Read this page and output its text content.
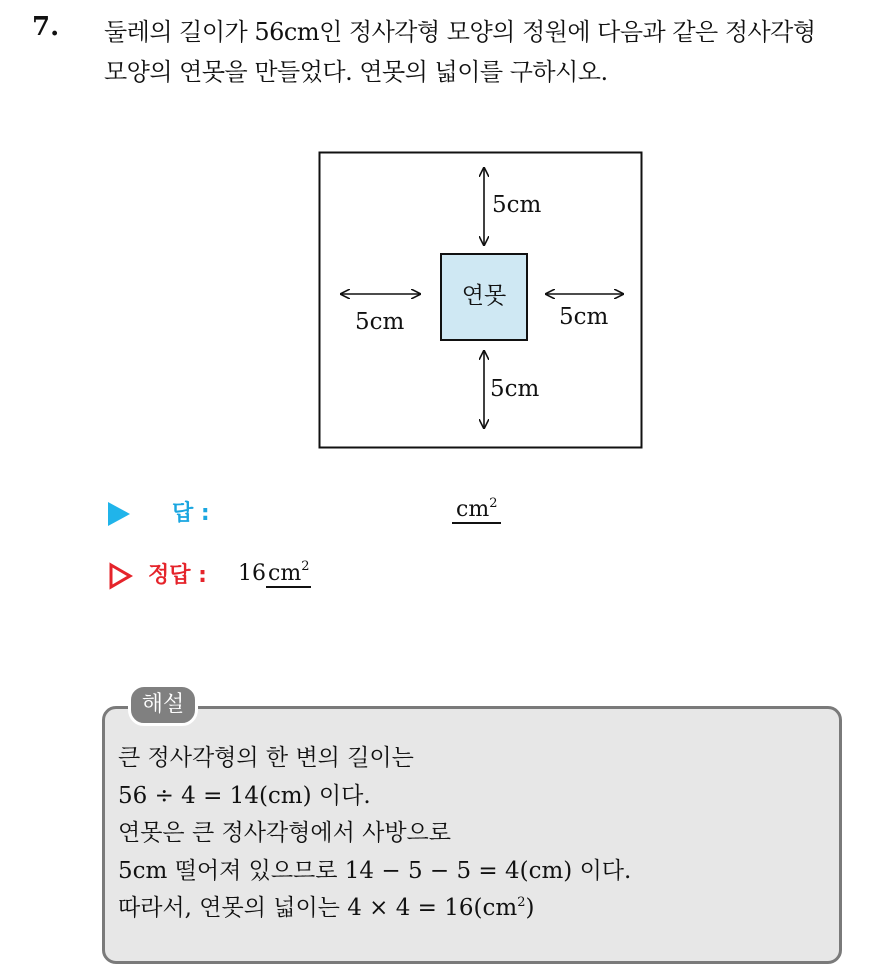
7. 둘레의 길이가 56cm인 정사각형 모양의 정원에 다음과 같은 정사각형
모양의 연못을 만들었다. 연못의 넓이를 구하시오.
연못
5cm
5cm
5cm	5cm
답 :	$cm^2$
정답 : $16cm^2$
해설
큰 정사각형의 한 변의 길이는
56 ÷ 4 = 14(cm) 이다.
연못은 큰 정사각형에서 사방으로
5cm 떨어져 있으므로 14 − 5 − 5 = 4(cm) 이다.
따라서, 연못의 넓이는 $4 \times 4 = 16(cm^2)$
